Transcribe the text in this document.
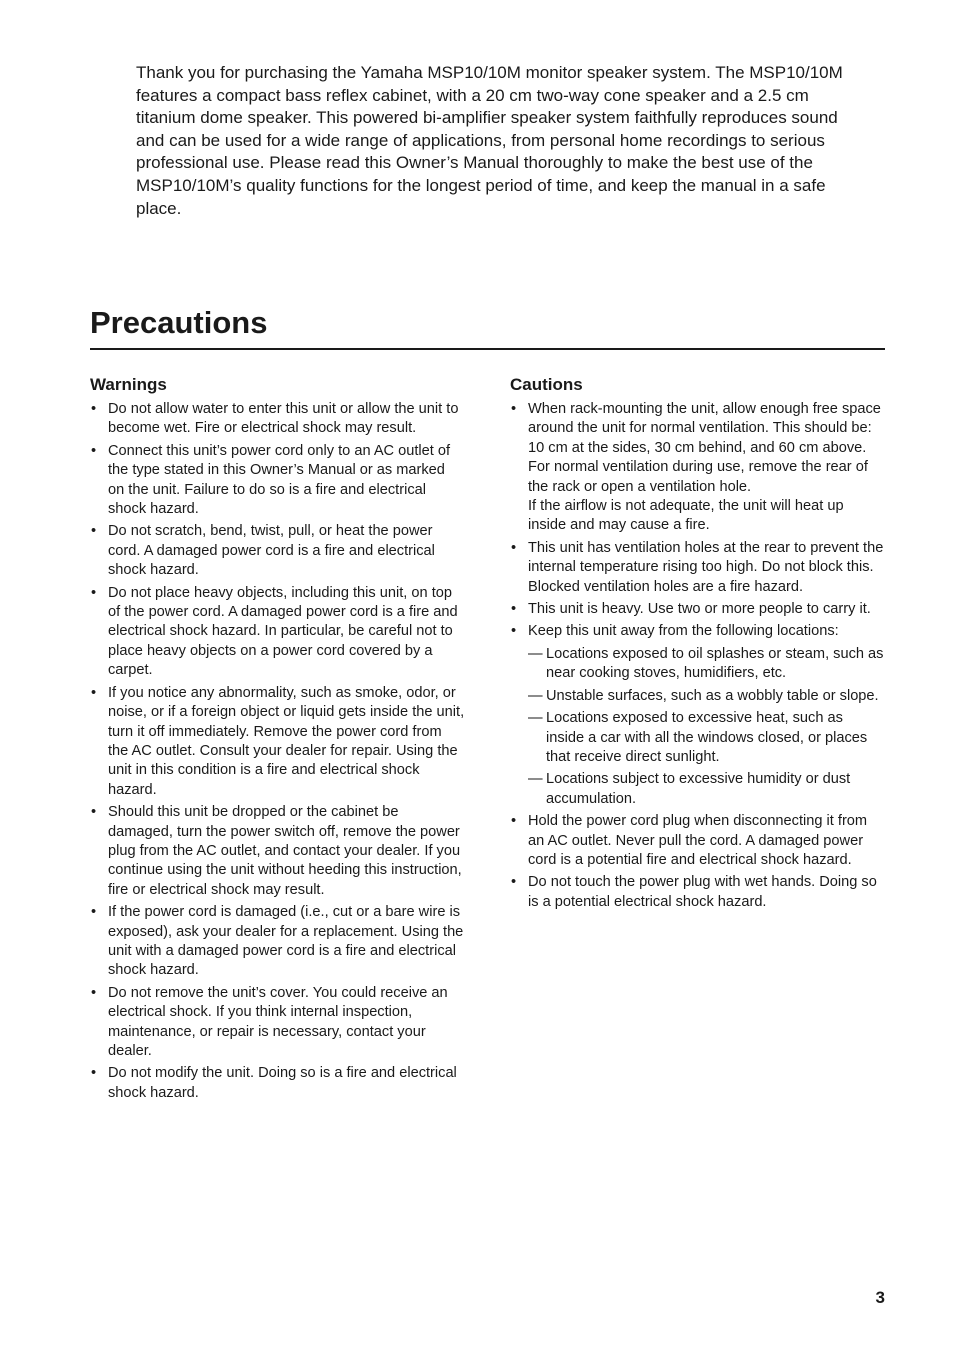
Thank you for purchasing the Yamaha MSP10/10M monitor speaker system. The MSP10/10M features a compact bass reflex cabinet, with a 20 cm two-way cone speaker and a 2.5 cm titanium dome speaker. This powered bi-amplifier speaker system faithfully reproduces sound and can be used for a wide range of applications, from personal home recordings to serious professional use. Please read this Owner’s Manual thoroughly to make the best use of the MSP10/10M’s quality functions for the longest period of time, and keep the manual in a safe place.

Precautions
Warnings
• Do not allow water to enter this unit or allow the unit to become wet. Fire or electrical shock may result.
• Connect this unit’s power cord only to an AC outlet of the type stated in this Owner’s Manual or as marked on the unit. Failure to do so is a fire and electrical shock hazard.
• Do not scratch, bend, twist, pull, or heat the power cord. A damaged power cord is a fire and electrical shock hazard.
• Do not place heavy objects, including this unit, on top of the power cord. A damaged power cord is a fire and electrical shock hazard. In particular, be careful not to place heavy objects on a power cord covered by a carpet.
• If you notice any abnormality, such as smoke, odor, or noise, or if a foreign object or liquid gets inside the unit, turn it off immediately. Remove the power cord from the AC outlet. Consult your dealer for repair. Using the unit in this condition is a fire and electrical shock hazard.
• Should this unit be dropped or the cabinet be damaged, turn the power switch off, remove the power plug from the AC outlet, and contact your dealer. If you continue using the unit without heeding this instruction, fire or electrical shock may result.
• If the power cord is damaged (i.e., cut or a bare wire is exposed), ask your dealer for a replacement. Using the unit with a damaged power cord is a fire and electrical shock hazard.
• Do not remove the unit’s cover. You could receive an electrical shock. If you think internal inspection, maintenance, or repair is necessary, contact your dealer.
• Do not modify the unit. Doing so is a fire and electrical shock hazard.
Cautions
• When rack-mounting the unit, allow enough free space around the unit for normal ventilation. This should be: 10 cm at the sides, 30 cm behind, and 60 cm above.
For normal ventilation during use, remove the rear of the rack or open a ventilation hole.
If the airflow is not adequate, the unit will heat up inside and may cause a fire.
• This unit has ventilation holes at the rear to prevent the internal temperature rising too high. Do not block this. Blocked ventilation holes are a fire hazard.
• This unit is heavy. Use two or more people to carry it.
• Keep this unit away from the following locations:
— Locations exposed to oil splashes or steam, such as near cooking stoves, humidifiers, etc.
— Unstable surfaces, such as a wobbly table or slope.
— Locations exposed to excessive heat, such as inside a car with all the windows closed, or places that receive direct sunlight.
— Locations subject to excessive humidity or dust accumulation.
• Hold the power cord plug when disconnecting it from an AC outlet. Never pull the cord. A damaged power cord is a potential fire and electrical shock hazard.
• Do not touch the power plug with wet hands. Doing so is a potential electrical shock hazard.
3
